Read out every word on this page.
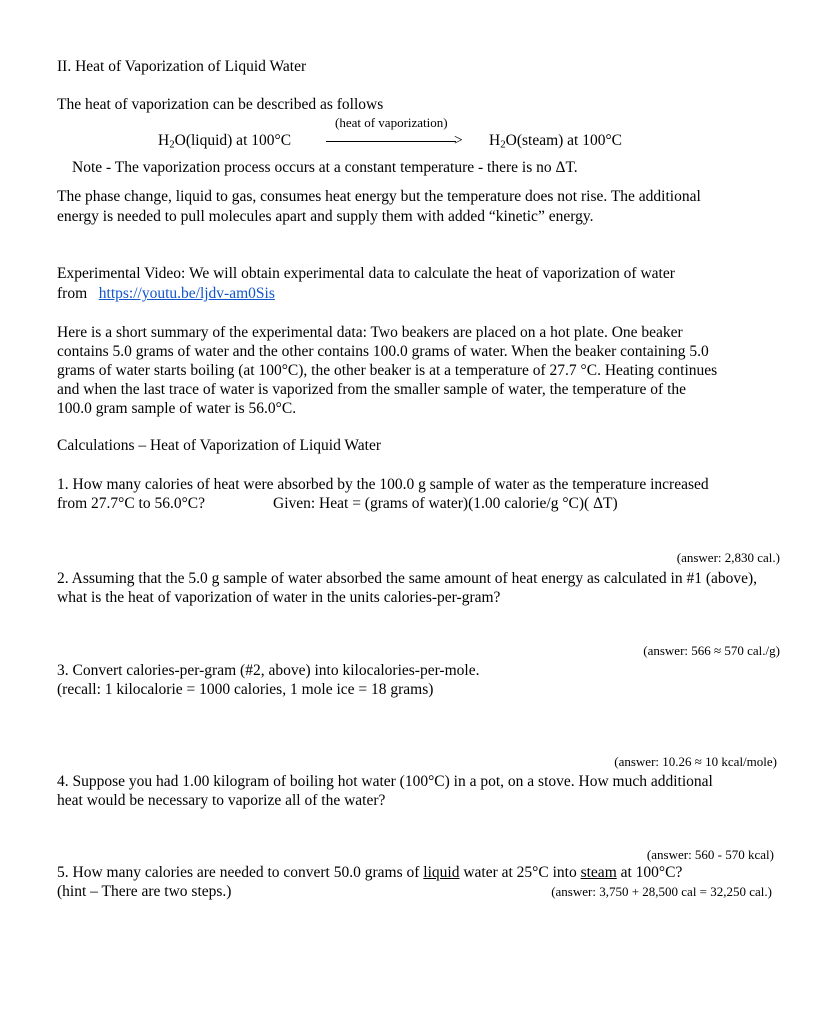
II. Heat of Vaporization of Liquid Water
The heat of vaporization can be described as follows
(heat of vaporization)
$H_2O(liquid)$ at 100°C	> $H_2O(steam)$ at 100°C
Note - The vaporization process occurs at a constant temperature - there is no ΔT.
The phase change, liquid to gas, consumes heat energy but the temperature does not rise. The additional
energy is needed to pull molecules apart and supply them with added “kinetic” energy.
Experimental Video: We will obtain experimental data to calculate the heat of vaporization of water
from https://youtu.be/ljdv-am0Sis
Here is a short summary of the experimental data: Two beakers are placed on a hot plate. One beaker
contains 5.0 grams of water and the other contains 100.0 grams of water. When the beaker containing 5.0
grams of water starts boiling (at 100°C), the other beaker is at a temperature of 27.7 °C. Heating continues
and when the last trace of water is vaporized from the smaller sample of water, the temperature of the
100.0 gram sample of water is 56.0°C.
Calculations – Heat of Vaporization of Liquid Water
1. How many calories of heat were absorbed by the 100.0 g sample of water as the temperature increased
from 27.7°C to 56.0°C?	Given: Heat = (grams of water)(1.00 calorie/g °C)( ΔT)
(answer: 2,830 cal.)
2. Assuming that the 5.0 g sample of water absorbed the same amount of heat energy as calculated in #1 (above),
what is the heat of vaporization of water in the units calories-per-gram?
(answer: 566 ≈ 570 cal./g)
3. Convert calories-per-gram (#2, above) into kilocalories-per-mole.
(recall: 1 kilocalorie = 1000 calories, 1 mole ice = 18 grams)
(answer: 10.26 ≈ 10 kcal/mole)
4. Suppose you had 1.00 kilogram of boiling hot water (100°C) in a pot, on a stove. How much additional
heat would be necessary to vaporize all of the water?
(answer: 560 - 570 kcal)
5. How many calories are needed to convert 50.0 grams of liquid water at 25°C into steam at 100°C?
(hint – There are two steps.)	(answer: 3,750 + 28,500 cal = 32,250 cal.)
